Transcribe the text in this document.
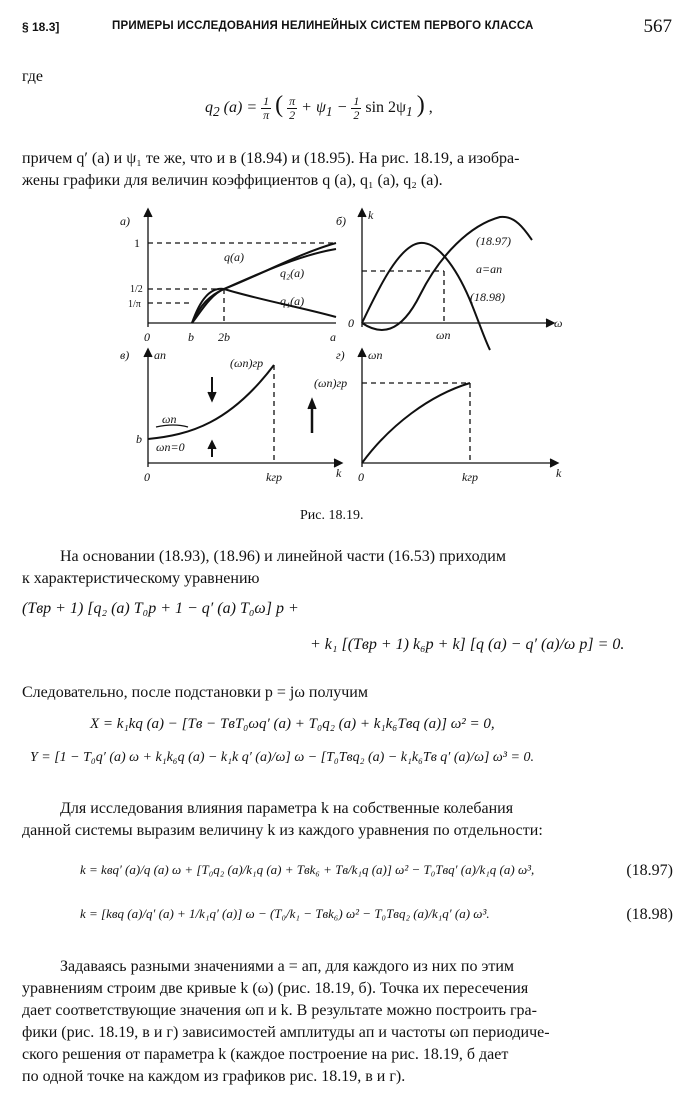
§ 18.3]	ПРИМЕРЫ ИССЛЕДОВАНИЯ НЕЛИНЕЙНЫХ СИСТЕМ ПЕРВОГО КЛАССА	567
где
$q_2$ $(a) = \frac{1}{\pi}$ ( $\frac{\pi}{2} + \psi_1 - \frac{1}{2}$ $\sin 2\psi_1$ ) ,
причем q′ (a) и ψ₁ те же, что и в (18.94) и (18.95). На рис. 18.19, а изобра-
жены графики для величин коэффициентов q (a), q₁ (a), q₂ (a).
а)
1
1/2
1/π
0	b 2b	a
q(a)
q₂(a)
q₁(a)
б) k
ω
0
ωп
(18.97)
a=aп
(18.98)
в) aп
k
0
b
kгр
(ωп)гр
ωп
ωп=0
г) ωп
k
0	kгр
(ωп)гр
Рис. 18.19.
На основании (18.93), (18.96) и линейной части (16.53) приходим
к характеристическому уравнению
(Tвp + 1) [q₂ (a) T₀p + 1 − q′ (a) T₀ω] p +
+ k₁ [(Tвp + 1) k₆p + k] [q (a) − q′ (a)/ω p] = 0.
Следовательно, после подстановки p = jω получим
X = k₁kq (a) − [Tв − TвT₀ωq′ (a) + T₀q₂ (a) + k₁k₆Tвq (a)] ω² = 0,
Y = [1 − T₀q′ (a) ω + k₁k₆q (a) − k₁k q′ (a)/ω] ω − [T₀Tвq₂ (a) − k₁k₆Tв q′ (a)/ω] ω³ = 0.
Для исследования влияния параметра k на собственные колебания
данной системы выразим величину k из каждого уравнения по отдельности:
k = kвq′ (a)/q (a) ω + [T₀q₂ (a)/k₁q (a) + Tвk₆ + Tв/k₁q (a)] ω² − T₀Tвq′ (a)/k₁q (a) ω³,	(18.97)
k = [kвq (a)/q′ (a) + 1/k₁q′ (a)] ω − (T₀/k₁ − Tвk₆) ω² − T₀Tвq₂ (a)/k₁q′ (a) ω³.	(18.98)
Задаваясь разными значениями a = aп, для каждого из них по этим
уравнениям строим две кривые k (ω) (рис. 18.19, б). Точка их пересечения
дает соответствующие значения ωп и k. В результате можно построить гра-
фики (рис. 18.19, в и г) зависимостей амплитуды aп и частоты ωп периодиче-
ского решения от параметра k (каждое построение на рис. 18.19, б дает
по одной точке на каждом из графиков рис. 18.19, в и г).
